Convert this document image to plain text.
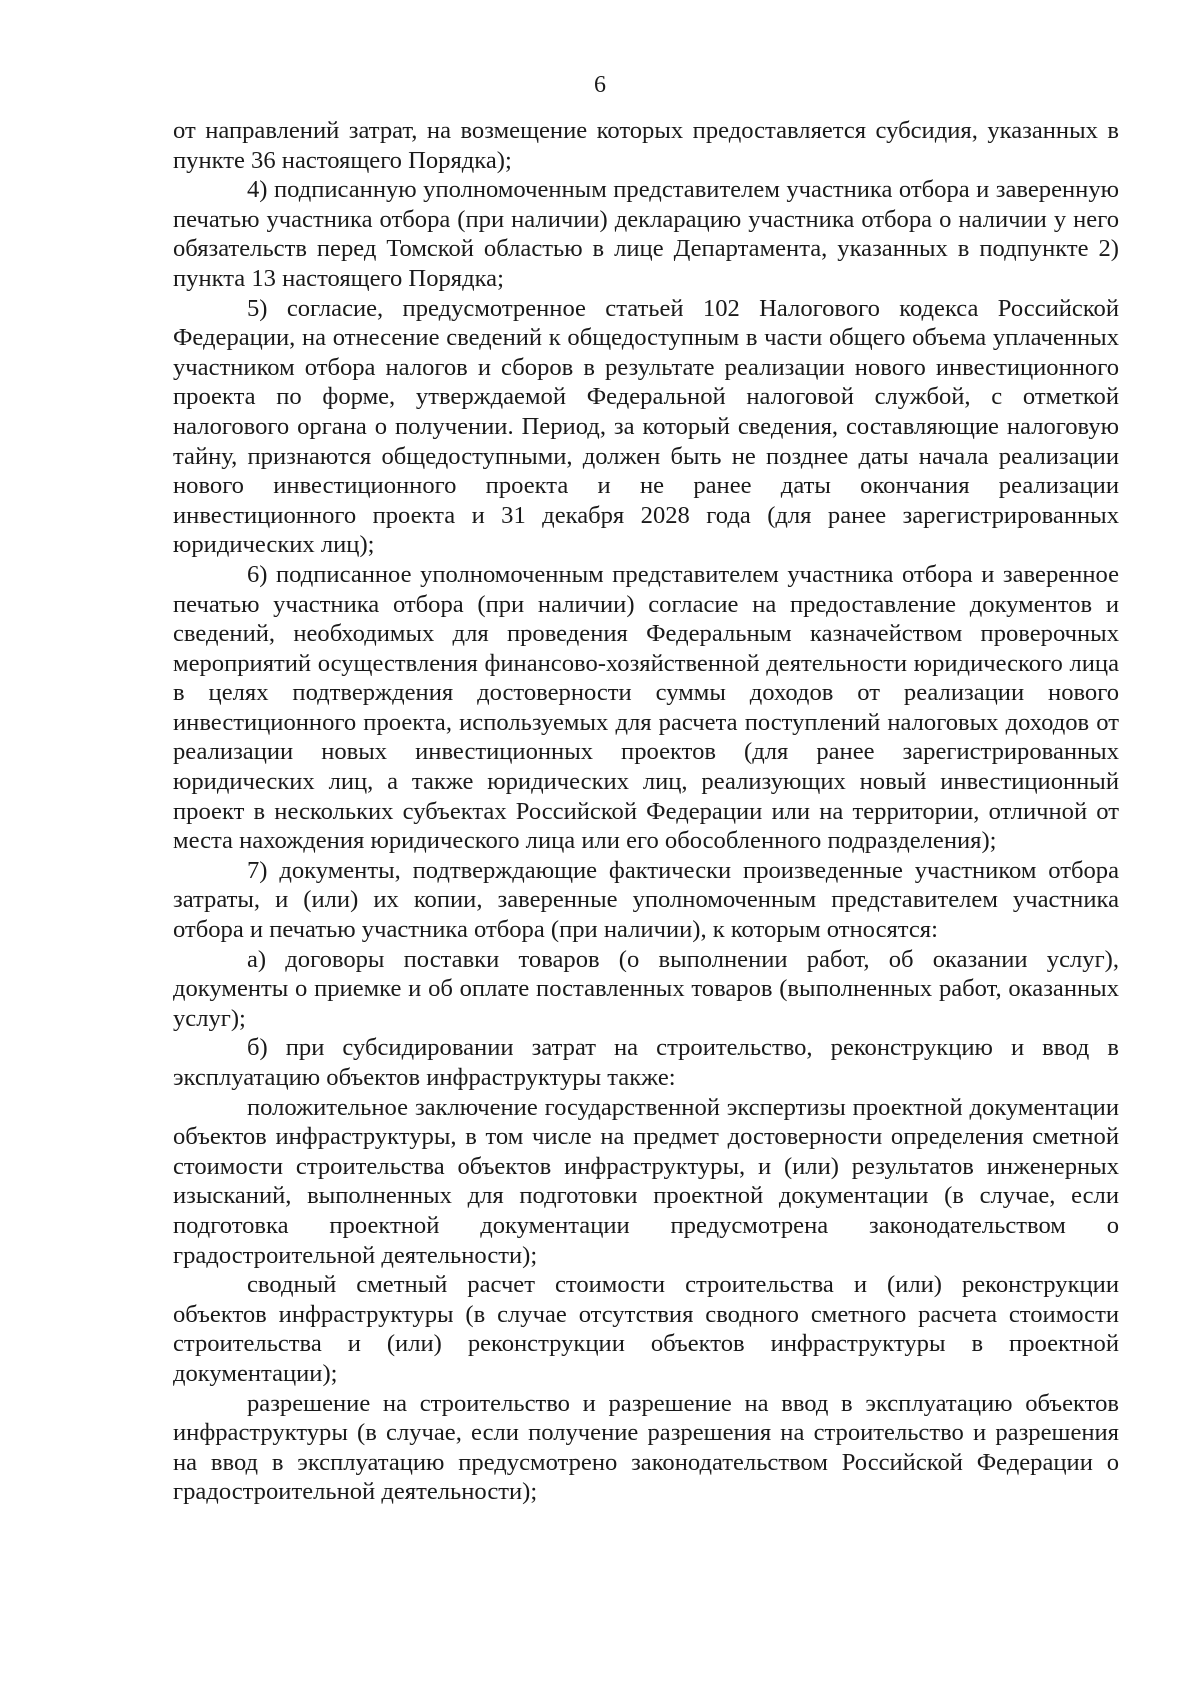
6

от направлений затрат, на возмещение которых предоставляется субсидия, указанных в пункте 36 настоящего Порядка);

4) подписанную уполномоченным представителем участника отбора и заверенную печатью участника отбора (при наличии) декларацию участника отбора о наличии у него обязательств перед Томской областью в лице Департамента, указанных в подпункте 2) пункта 13 настоящего Порядка;

5) согласие, предусмотренное статьей 102 Налогового кодекса Российской Федерации, на отнесение сведений к общедоступным в части общего объема уплаченных участником отбора налогов и сборов в результате реализации нового инвестиционного проекта по форме, утверждаемой Федеральной налоговой службой, с отметкой налогового органа о получении. Период, за который сведения, составляющие налоговую тайну, признаются общедоступными, должен быть не позднее даты начала реализации нового инвестиционного проекта и не ранее даты окончания реализации инвестиционного проекта и 31 декабря 2028 года (для ранее зарегистрированных юридических лиц);

6) подписанное уполномоченным представителем участника отбора и заверенное печатью участника отбора (при наличии) согласие на предоставление документов и сведений, необходимых для проведения Федеральным казначейством проверочных мероприятий осуществления финансово-хозяйственной деятельности юридического лица в целях подтверждения достоверности суммы доходов от реализации нового инвестиционного проекта, используемых для расчета поступлений налоговых доходов от реализации новых инвестиционных проектов (для ранее зарегистрированных юридических лиц, а также юридических лиц, реализующих новый инвестиционный проект в нескольких субъектах Российской Федерации или на территории, отличной от места нахождения юридического лица или его обособленного подразделения);

7) документы, подтверждающие фактически произведенные участником отбора затраты, и (или) их копии, заверенные уполномоченным представителем участника отбора и печатью участника отбора (при наличии), к которым относятся:

а) договоры поставки товаров (о выполнении работ, об оказании услуг), документы о приемке и об оплате поставленных товаров (выполненных работ, оказанных услуг);

б) при субсидировании затрат на строительство, реконструкцию и ввод в эксплуатацию объектов инфраструктуры также:

положительное заключение государственной экспертизы проектной документации объектов инфраструктуры, в том числе на предмет достоверности определения сметной стоимости строительства объектов инфраструктуры, и (или) результатов инженерных изысканий, выполненных для подготовки проектной документации (в случае, если подготовка проектной документации предусмотрена законодательством о градостроительной деятельности);

сводный сметный расчет стоимости строительства и (или) реконструкции объектов инфраструктуры (в случае отсутствия сводного сметного расчета стоимости строительства и (или) реконструкции объектов инфраструктуры в проектной документации);

разрешение на строительство и разрешение на ввод в эксплуатацию объектов инфраструктуры (в случае, если получение разрешения на строительство и разрешения на ввод в эксплуатацию предусмотрено законодательством Российской Федерации о градостроительной деятельности);
